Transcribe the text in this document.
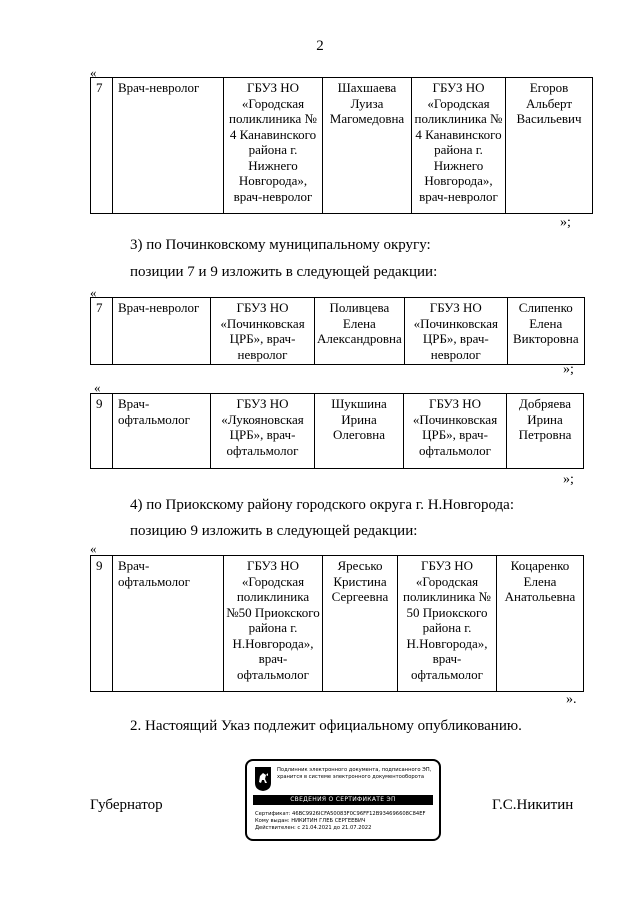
2
«
7	Врач-невролог	ГБУЗ НО «Городская поликлиника № 4 Канавинского района г. Нижнего Новгорода», врач-невролог	Шахшаева Луиза Магомедовна	ГБУЗ НО «Городская поликлиника № 4 Канавинского района г. Нижнего Новгорода», врач-невролог	Егоров Альберт Васильевич
»;
3) по Починковскому муниципальному округу:
позиции 7 и 9 изложить в следующей редакции:
«
7	Врач-невролог	ГБУЗ НО «Починковская ЦРБ», врач-невролог	Поливцева Елена Александровна	ГБУЗ НО «Починковская ЦРБ», врач-невролог	Слипенко Елена Викторовна
»;
«
9	Врач-офтальмолог	ГБУЗ НО «Лукояновская ЦРБ», врач-офтальмолог	Шукшина Ирина Олеговна	ГБУЗ НО «Починковская ЦРБ», врач-офтальмолог	Добряева Ирина Петровна
»;
4) по Приокскому району городского округа г. Н.Новгорода:
позицию 9 изложить в следующей редакции:
«
9	Врач-офтальмолог	ГБУЗ НО «Городская поликлиника №50 Приокского района г. Н.Новгорода», врач-офтальмолог	Яресько Кристина Сергеевна	ГБУЗ НО «Городская поликлиника № 50 Приокского района г. Н.Новгорода», врач-офтальмолог	Коцаренко Елена Анатольевна
».
2. Настоящий Указ подлежит официальному опубликованию.
Подлинник электронного документа, подписанного ЭП,
хранится в системе электронного документооборота
СВЕДЕНИЯ О СЕРТИФИКАТЕ ЭП
Сертификат: 46BC9926ICFA50083F0C96FF12B934696608C84EF
Кому выдан: НИКИТИН ГЛЕБ СЕРГЕЕВИЧ
Действителен: с 21.04.2021 до 21.07.2022
Губернатор	Г.С.Никитин
